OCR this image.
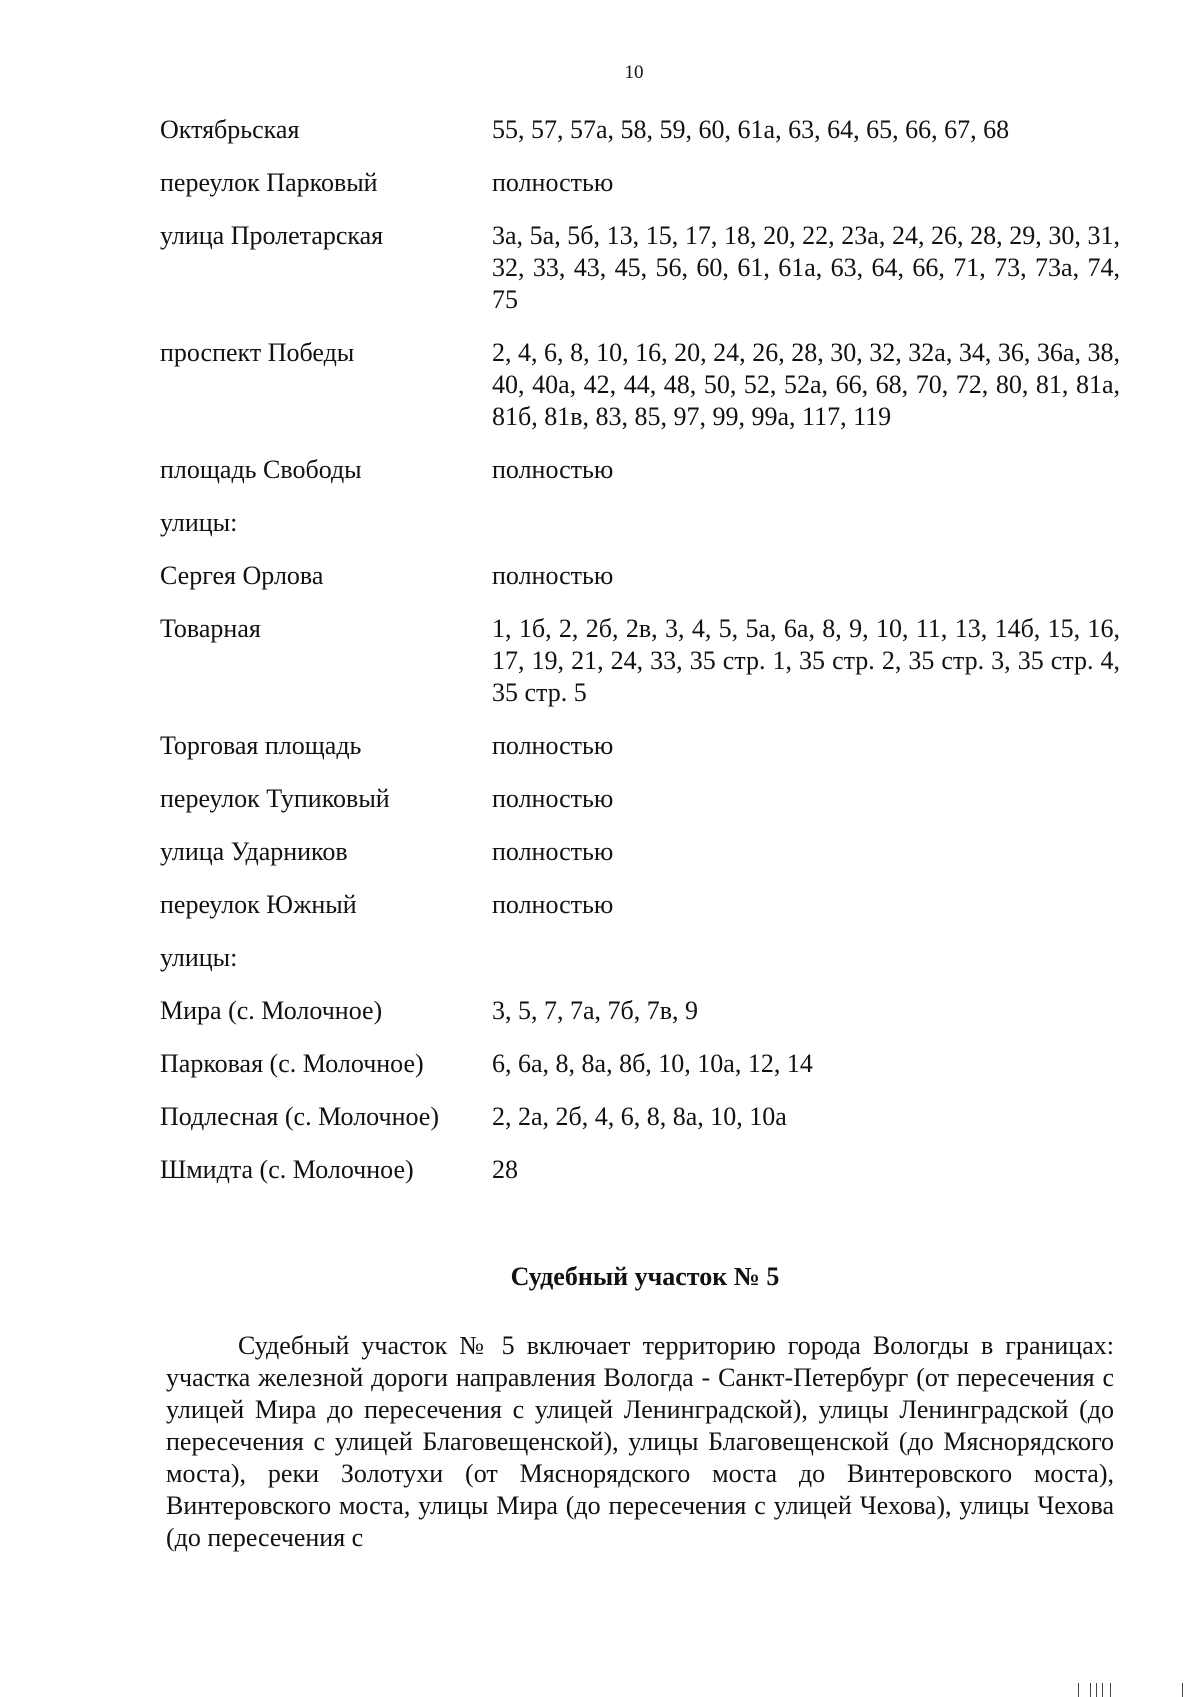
10
Октябрьская	55, 57, 57а, 58, 59, 60, 61а, 63, 64, 65, 66, 67, 68
переулок Парковый	полностью
улица Пролетарская	3а, 5а, 5б, 13, 15, 17, 18, 20, 22, 23а, 24, 26, 28, 29, 30, 31, 32, 33, 43, 45, 56, 60, 61, 61а, 63, 64, 66, 71, 73, 73а, 74, 75
проспект Победы	2, 4, 6, 8, 10, 16, 20, 24, 26, 28, 30, 32, 32а, 34, 36, 36а, 38, 40, 40а, 42, 44, 48, 50, 52, 52а, 66, 68, 70, 72, 80, 81, 81а, 81б, 81в, 83, 85, 97, 99, 99а, 117, 119
площадь Свободы	полностью
улицы:
Сергея Орлова	полностью
Товарная	1, 1б, 2, 2б, 2в, 3, 4, 5, 5а, 6а, 8, 9, 10, 11, 13, 14б, 15, 16, 17, 19, 21, 24, 33, 35 стр. 1, 35 стр. 2, 35 стр. 3, 35 стр. 4, 35 стр. 5
Торговая площадь	полностью
переулок Тупиковый	полностью
улица Ударников	полностью
переулок Южный	полностью
улицы:
Мира (с. Молочное)	3, 5, 7, 7а, 7б, 7в, 9
Парковая (с. Молочное)	6, 6а, 8, 8а, 8б, 10, 10а, 12, 14
Подлесная (с. Молочное)	2, 2а, 2б, 4, 6, 8, 8а, 10, 10а
Шмидта (с. Молочное)	28
Судебный участок № 5
Судебный участок № 5 включает территорию города Вологды в границах: участка железной дороги направления Вологда - Санкт-Петербург (от пересечения с улицей Мира до пересечения с улицей Ленинградской), улицы Ленинградской (до пересечения с улицей Благовещенской), улицы Благовещенской (до Мяснорядского моста), реки Золотухи (от Мяснорядского моста до Винтеровского моста), Винтеровского моста, улицы Мира (до пересечения с улицей Чехова), улицы Чехова (до пересечения с
